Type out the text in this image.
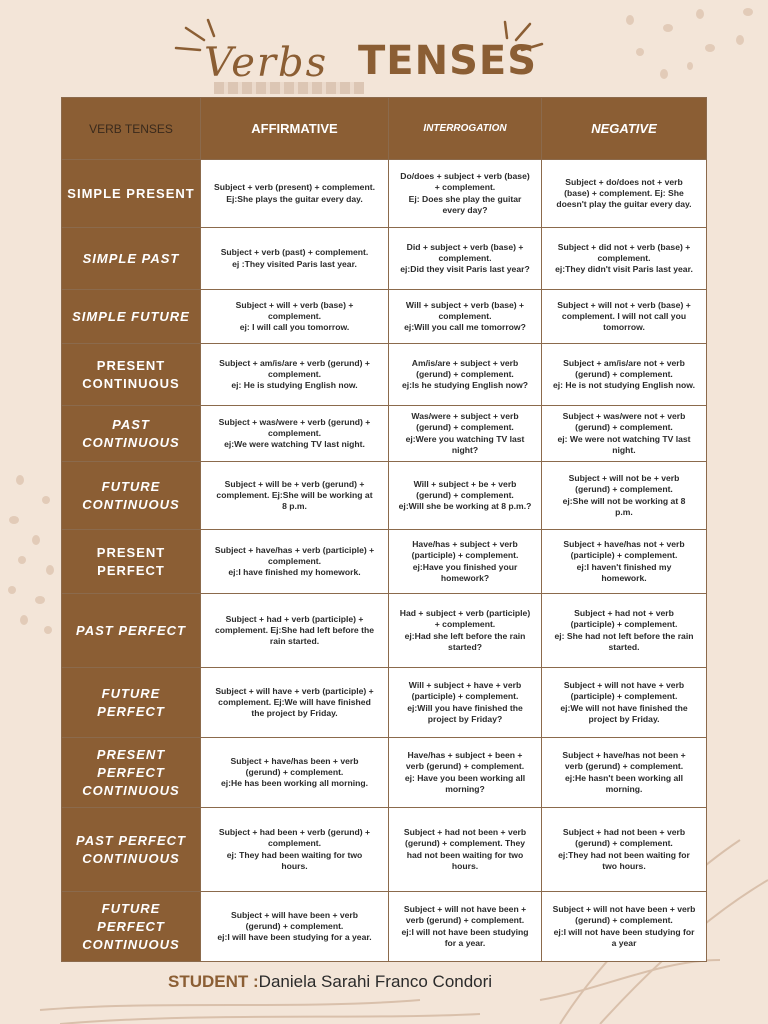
Verbs TENSES
VERB TENSES	AFFIRMATIVE	INTERROGATION	NEGATIVE
SIMPLE PRESENT	Subject + verb (present) + complement.
Ej:She plays the guitar every day.	Do/does + subject + verb (base)
+ complement.
Ej: Does she play the guitar
every day?	Subject + do/does not + verb
(base) + complement. Ej: She
doesn't play the guitar every day.
SIMPLE PAST	Subject + verb (past) + complement.
ej :They visited Paris last year.	Did + subject + verb (base) +
complement.
ej:Did they visit Paris last year?	Subject + did not + verb (base) +
complement.
ej:They didn't visit Paris last year.
SIMPLE FUTURE	Subject + will + verb (base) +
complement.
ej: I will call you tomorrow.	Will + subject + verb (base) +
complement.
ej:Will you call me tomorrow?	Subject + will not + verb (base) +
complement. I will not call you
tomorrow.
PRESENT CONTINUOUS	Subject + am/is/are + verb (gerund) +
complement.
ej: He is studying English now.	Am/is/are + subject + verb
(gerund) + complement.
ej:Is he studying English now?	Subject + am/is/are not + verb
(gerund) + complement.
ej: He is not studying English now.
PAST CONTINUOUS	Subject + was/were + verb (gerund) +
complement.
ej:We were watching TV last night.	Was/were + subject + verb
(gerund) + complement.
ej:Were you watching TV last
night?	Subject + was/were not + verb
(gerund) + complement.
ej: We were not watching TV last
night.
FUTURE CONTINUOUS	Subject + will be + verb (gerund) +
complement. Ej:She will be working at
8 p.m.	Will + subject + be + verb
(gerund) + complement.
ej:Will she be working at 8 p.m.?	Subject + will not be + verb
(gerund) + complement.
ej:She will not be working at 8
p.m.
PRESENT PERFECT	Subject + have/has + verb (participle) +
complement.
ej:I have finished my homework.	Have/has + subject + verb
(participle) + complement.
ej:Have you finished your
homework?	Subject + have/has not + verb
(participle) + complement.
ej:I haven't finished my
homework.
PAST PERFECT	Subject + had + verb (participle) +
complement. Ej:She had left before the
rain started.	Had + subject + verb (participle)
+ complement.
ej:Had she left before the rain
started?	Subject + had not + verb
(participle) + complement.
ej: She had not left before the rain
started.
FUTURE PERFECT	Subject + will have + verb (participle) +
complement. Ej:We will have finished
the project by Friday.	Will + subject + have + verb
(participle) + complement.
ej:Will you have finished the
project by Friday?	Subject + will not have + verb
(participle) + complement.
ej:We will not have finished the
project by Friday.
PRESENT PERFECT CONTINUOUS	Subject + have/has been + verb
(gerund) + complement.
ej:He has been working all morning.	Have/has + subject + been +
verb (gerund) + complement.
ej: Have you been working all
morning?	Subject + have/has not been +
verb (gerund) + complement.
ej:He hasn't been working all
morning.
PAST PERFECT CONTINUOUS	Subject + had been + verb (gerund) +
complement.
ej: They had been waiting for two
hours.	Subject + had not been + verb
(gerund) + complement. They
had not been waiting for two
hours.	Subject + had not been + verb
(gerund) + complement.
ej:They had not been waiting for
two hours.
FUTURE PERFECT CONTINUOUS	Subject + will have been + verb
(gerund) + complement.
ej:I will have been studying for a year.	Subject + will not have been +
verb (gerund) + complement.
ej:I will not have been studying
for a year.	Subject + will not have been + verb
(gerund) + complement.
ej:I will not have been studying for
a year
STUDENT :Daniela Sarahi Franco Condori
